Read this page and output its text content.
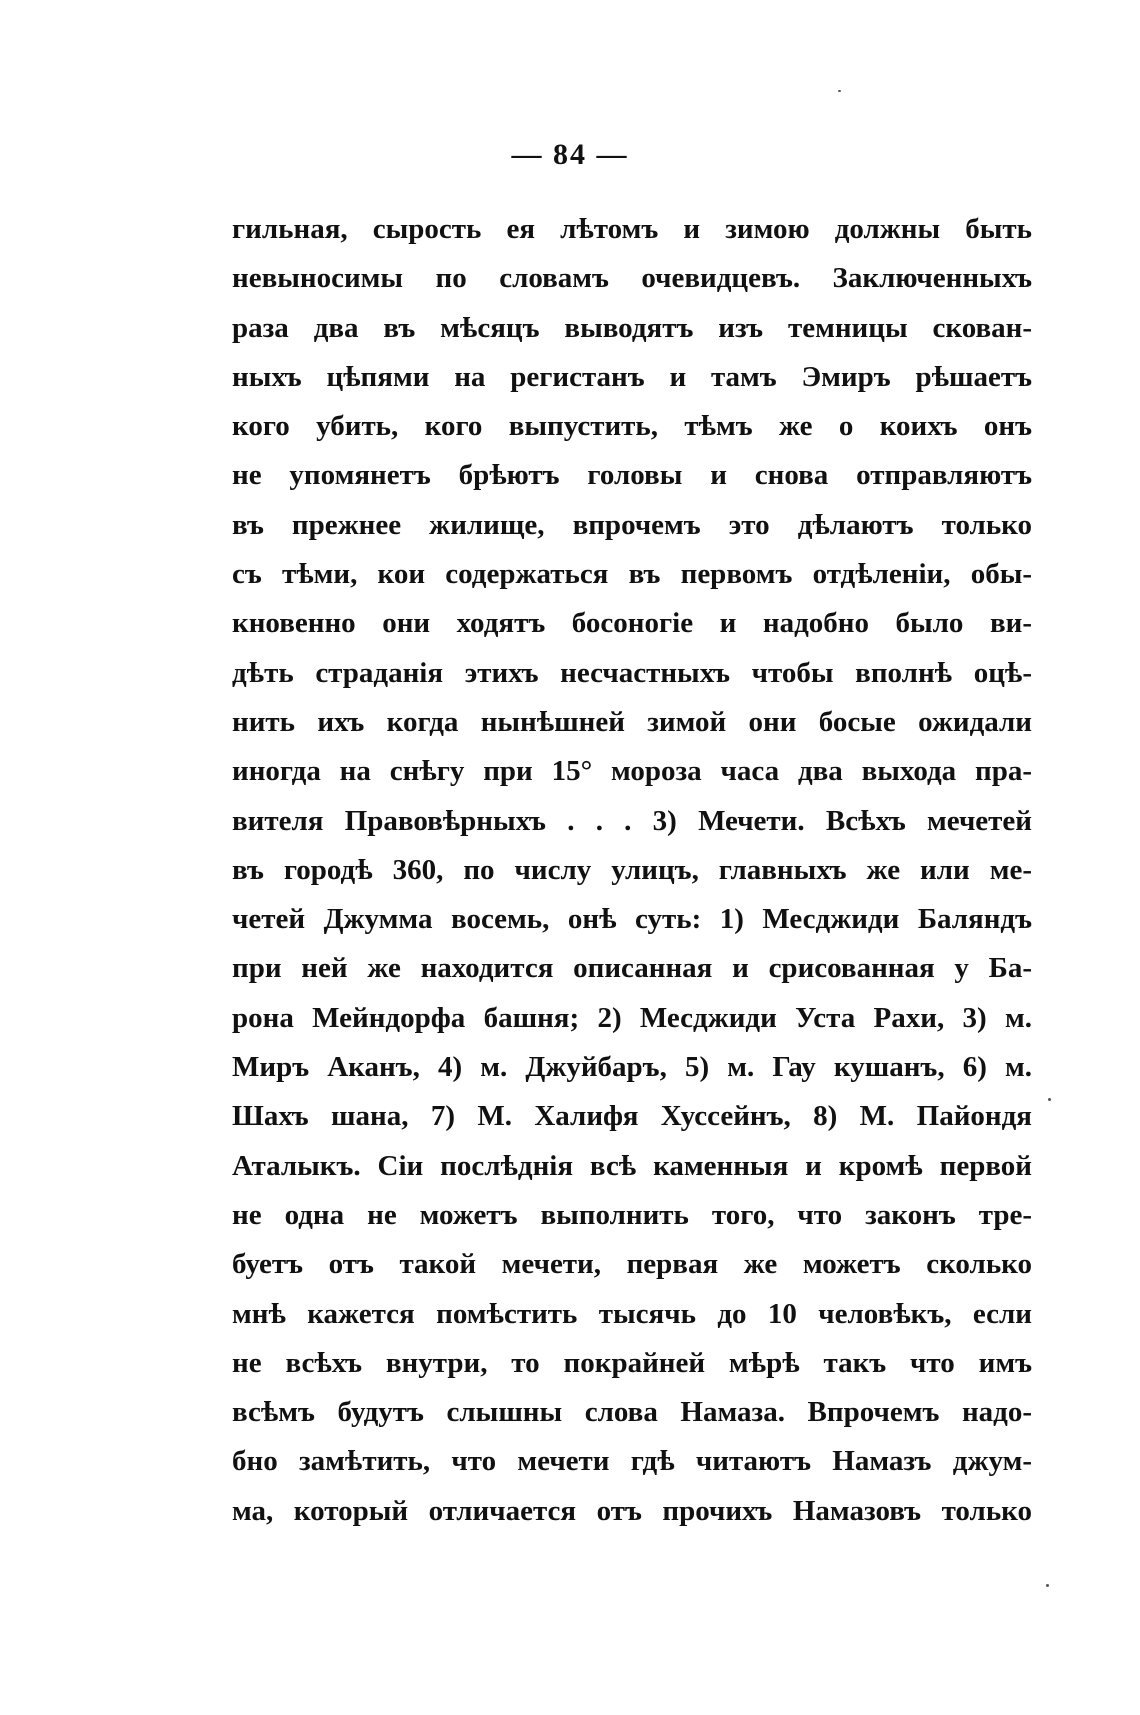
— 84 —
гильная, сырость ея лѣтомъ и зимою должны быть
невыносимы по словамъ очевидцевъ. Заключенныхъ
раза два въ мѣсяцъ выводятъ изъ темницы скован-
ныхъ цѣпями на регистанъ и тамъ Эмиръ рѣшаетъ
кого убить, кого выпустить, тѣмъ же о коихъ онъ
не упомянетъ брѣютъ головы и снова отправляютъ
въ прежнее жилище, впрочемъ это дѣлаютъ только
съ тѣми, кои содержаться въ первомъ отдѣленіи, обы-
кновенно они ходятъ босоногіе и надобно было ви-
дѣть страданія этихъ несчастныхъ чтобы вполнѣ оцѣ-
нить ихъ когда нынѣшней зимой они босые ожидали
иногда на снѣгу при 15° мороза часа два выхода пра-
вителя Правовѣрныхъ . . . 3) Мечети. Всѣхъ мечетей
въ городѣ 360, по числу улицъ, главныхъ же или ме-
четей Джумма восемь, онѣ суть: 1) Месджиди Баляндъ
при ней же находится описанная и срисованная у Ба-
рона Мейндорфа башня; 2) Месджиди Уста Рахи, 3) м.
Миръ Аканъ, 4) м. Джуйбаръ, 5) м. Гау кушанъ, 6) м.
Шахъ шана, 7) М. Халифя Хуссейнъ, 8) М. Пайондя
Аталыкъ. Сіи послѣднія всѣ каменныя и кромѣ первой
не одна не можетъ выполнить того, что законъ тре-
буетъ отъ такой мечети, первая же можетъ сколько
мнѣ кажется помѣстить тысячь до 10 человѣкъ, если
не всѣхъ внутри, то покрайней мѣрѣ такъ что имъ
всѣмъ будутъ слышны слова Намаза. Впрочемъ надо-
бно замѣтить, что мечети гдѣ читаютъ Намазъ джум-
ма, который отличается отъ прочихъ Намазовъ только
